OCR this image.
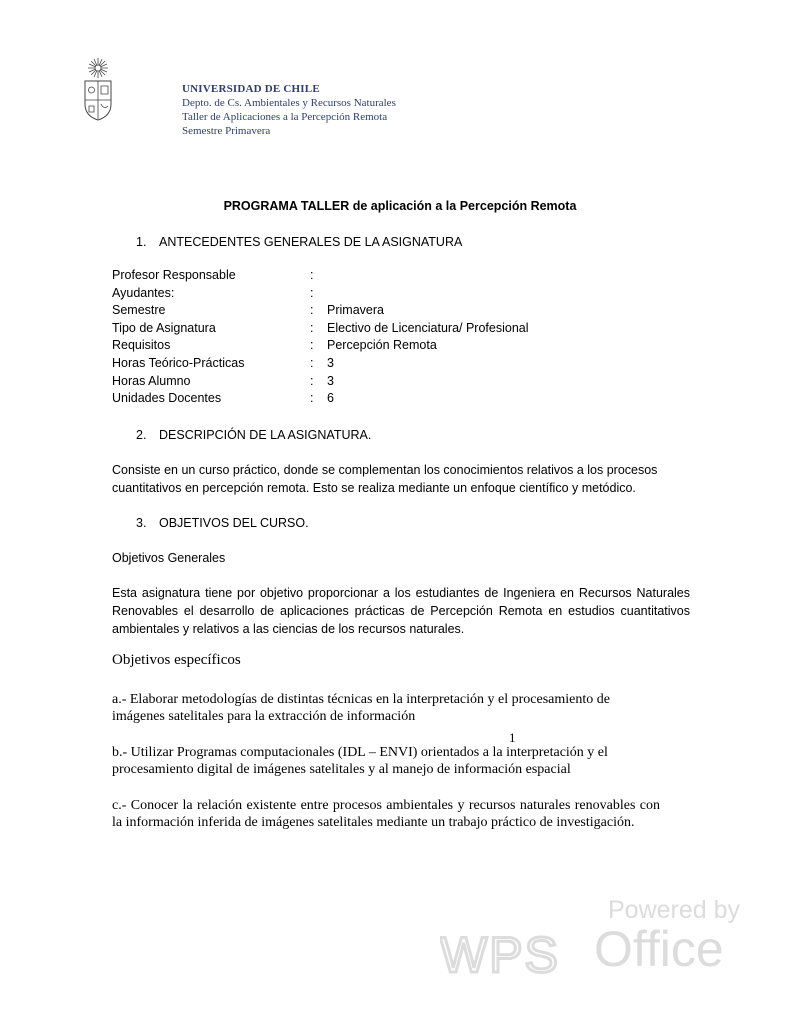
UNIVERSIDAD DE CHILE
Depto. de Cs. Ambientales y Recursos Naturales
Taller de Aplicaciones a la Percepción Remota
Semestre Primavera
PROGRAMA TALLER de aplicación a la Percepción Remota
1. ANTECEDENTES GENERALES DE LA ASIGNATURA
Profesor Responsable	:
Ayudantes:	:
Semestre	: Primavera
Tipo de Asignatura	: Electivo de Licenciatura/ Profesional
Requisitos	: Percepción Remota
Horas Teórico-Prácticas	: 3
Horas Alumno	: 3
Unidades Docentes	: 6
2. DESCRIPCIÓN DE LA ASIGNATURA.
Consiste en un curso práctico, donde se complementan los conocimientos relativos a los procesos cuantitativos en percepción remota. Esto se realiza mediante un enfoque científico y metódico.
3. OBJETIVOS DEL CURSO.
Objetivos Generales
Esta asignatura tiene por objetivo proporcionar a los estudiantes de Ingeniera en Recursos Naturales Renovables el desarrollo de aplicaciones prácticas de Percepción Remota en estudios cuantitativos ambientales y relativos a las ciencias de los recursos naturales.
Objetivos específicos
a.- Elaborar metodologías de distintas técnicas en la interpretación y el procesamiento de imágenes satelitales para la extracción de información
1
b.- Utilizar Programas computacionales (IDL – ENVI) orientados a la interpretación y el procesamiento digital de imágenes satelitales y al manejo de información espacial
c.- Conocer la relación existente entre procesos ambientales y recursos naturales renovables con la información inferida de imágenes satelitales mediante un trabajo práctico de investigación.
Powered by
WPS Office
